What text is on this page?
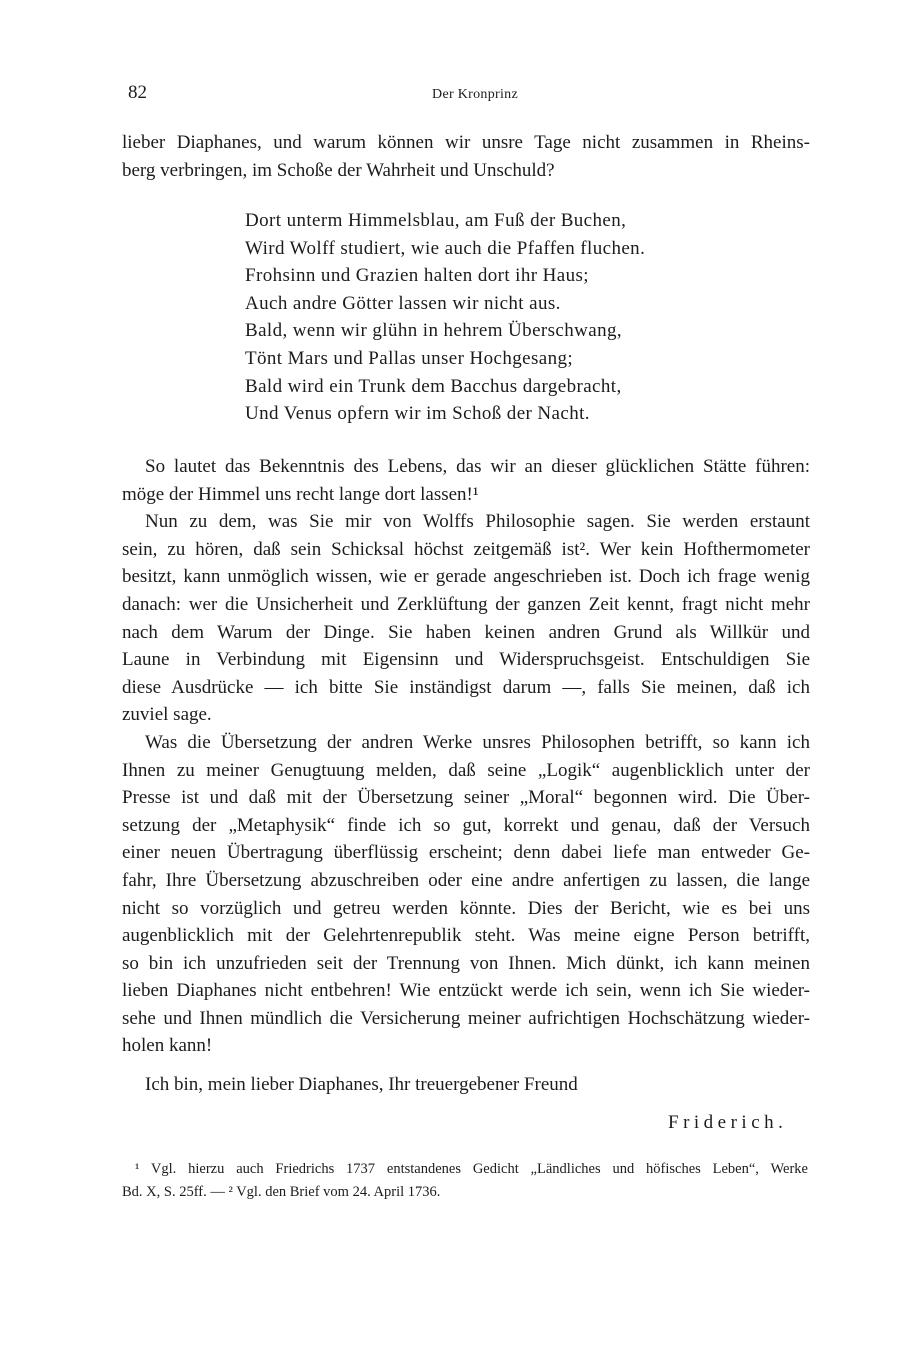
82	Der Kronprinz
lieber Diaphanes, und warum können wir unsre Tage nicht zusammen in Rheins-
berg verbringen, im Schoße der Wahrheit und Unschuld?
Dort unterm Himmelsblau, am Fuß der Buchen,
Wird Wolff studiert, wie auch die Pfaffen fluchen.
Frohsinn und Grazien halten dort ihr Haus;
Auch andre Götter lassen wir nicht aus.
Bald, wenn wir glühn in hehrem Überschwang,
Tönt Mars und Pallas unser Hochgesang;
Bald wird ein Trunk dem Bacchus dargebracht,
Und Venus opfern wir im Schoß der Nacht.
So lautet das Bekenntnis des Lebens, das wir an dieser glücklichen Stätte führen:
möge der Himmel uns recht lange dort lassen!¹
Nun zu dem, was Sie mir von Wolffs Philosophie sagen. Sie werden erstaunt
sein, zu hören, daß sein Schicksal höchst zeitgemäß ist². Wer kein Hofthermometer
besitzt, kann unmöglich wissen, wie er gerade angeschrieben ist. Doch ich frage wenig
danach: wer die Unsicherheit und Zerklüftung der ganzen Zeit kennt, fragt nicht mehr
nach dem Warum der Dinge. Sie haben keinen andren Grund als Willkür und
Laune in Verbindung mit Eigensinn und Widerspruchsgeist. Entschuldigen Sie
diese Ausdrücke — ich bitte Sie inständigst darum —, falls Sie meinen, daß ich
zuviel sage.
Was die Übersetzung der andren Werke unsres Philosophen betrifft, so kann ich
Ihnen zu meiner Genugtuung melden, daß seine „Logik“ augenblicklich unter der
Presse ist und daß mit der Übersetzung seiner „Moral“ begonnen wird. Die Über-
setzung der „Metaphysik“ finde ich so gut, korrekt und genau, daß der Versuch
einer neuen Übertragung überflüssig erscheint; denn dabei liefe man entweder Ge-
fahr, Ihre Übersetzung abzuschreiben oder eine andre anfertigen zu lassen, die lange
nicht so vorzüglich und getreu werden könnte. Dies der Bericht, wie es bei uns
augenblicklich mit der Gelehrtenrepublik steht. Was meine eigne Person betrifft,
so bin ich unzufrieden seit der Trennung von Ihnen. Mich dünkt, ich kann meinen
lieben Diaphanes nicht entbehren! Wie entzückt werde ich sein, wenn ich Sie wieder-
sehe und Ihnen mündlich die Versicherung meiner aufrichtigen Hochschätzung wieder-
holen kann!
Ich bin, mein lieber Diaphanes, Ihr treuergebener Freund
Friderich.
¹ Vgl. hierzu auch Friedrichs 1737 entstandenes Gedicht „Ländliches und höfisches Leben“, Werke
Bd. X, S. 25ff. — ² Vgl. den Brief vom 24. April 1736.
